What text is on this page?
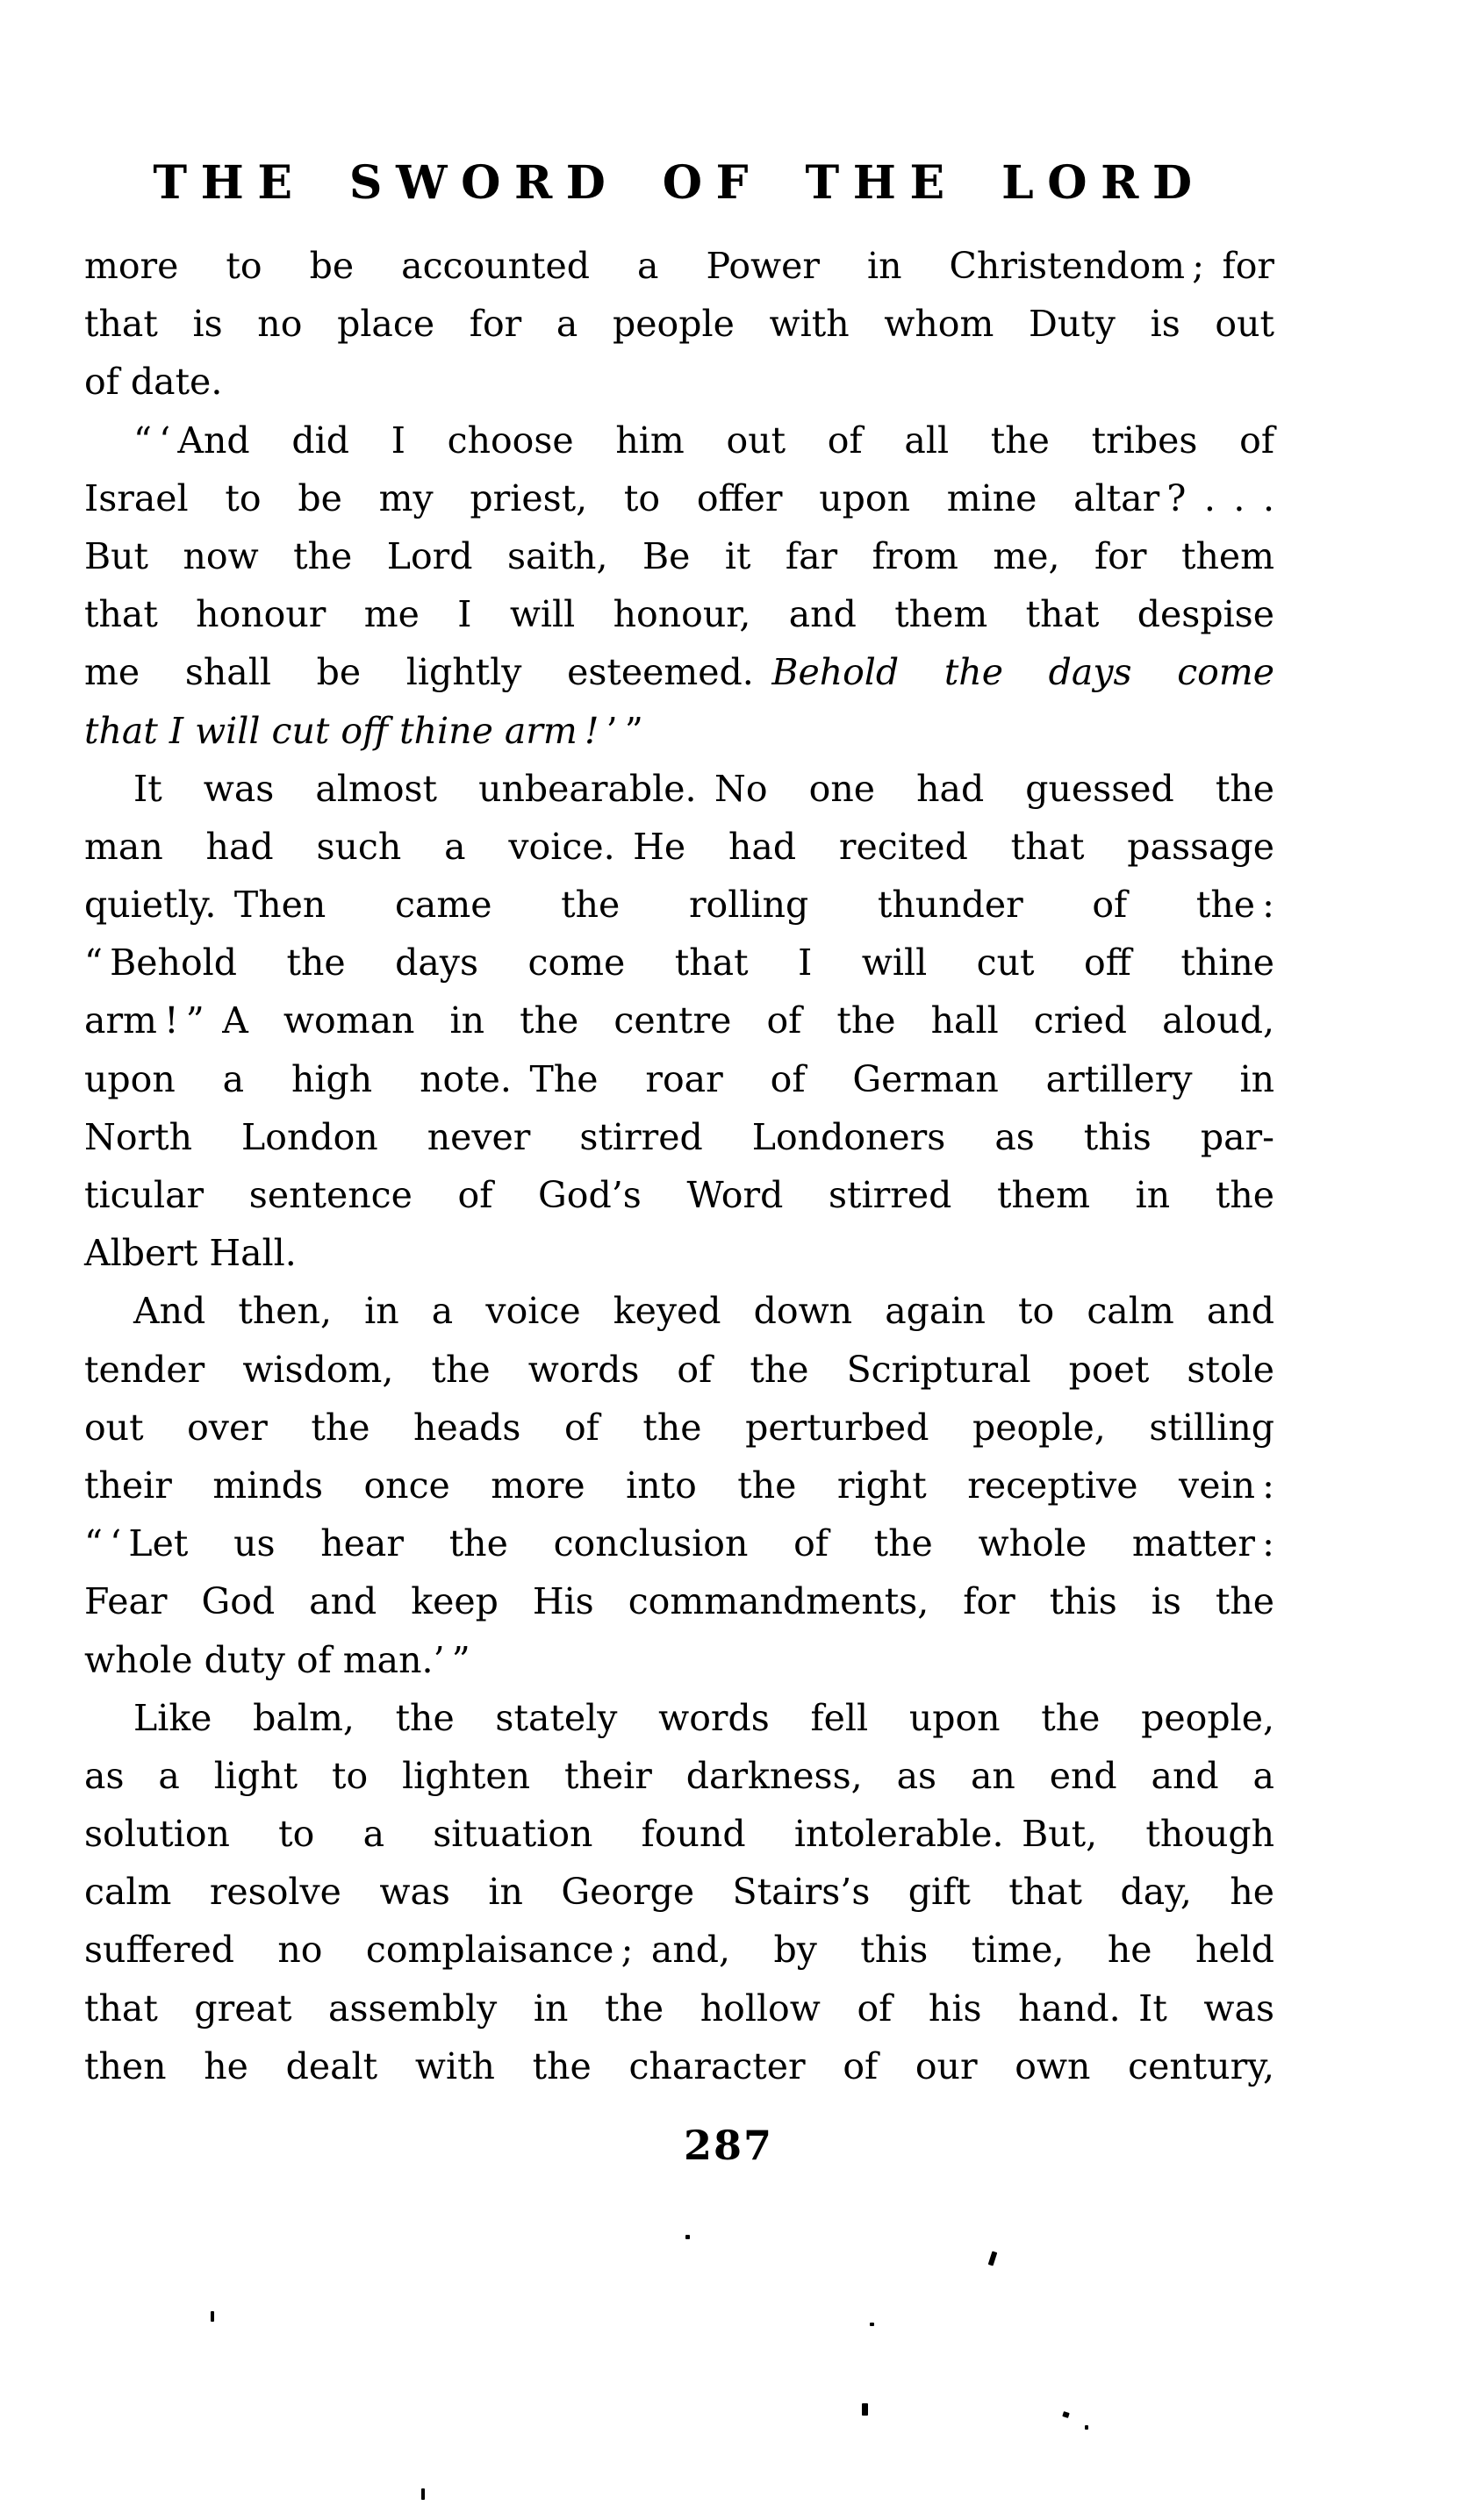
THE SWORD OF THE LORD
more to be accounted a Power in Christendom ; for
that is no place for a people with whom Duty is out
of date.
“ ‘ And did I choose him out of all the tribes of
Israel to be my priest, to offer upon mine altar ? . . .
But now the Lord saith, Be it far from me, for them
that honour me I will honour, and them that despise
me shall be lightly esteemed. Behold the days come
that I will cut off thine arm ! ’ ”
It was almost unbearable. No one had guessed the
man had such a voice. He had recited that passage
quietly. Then came the rolling thunder of the :
“ Behold the days come that I will cut off thine
arm ! ” A woman in the centre of the hall cried aloud,
upon a high note. The roar of German artillery in
North London never stirred Londoners as this par-
ticular sentence of God’s Word stirred them in the
Albert Hall.
And then, in a voice keyed down again to calm and
tender wisdom, the words of the Scriptural poet stole
out over the heads of the perturbed people, stilling
their minds once more into the right receptive vein :
“ ‘ Let us hear the conclusion of the whole matter :
Fear God and keep His commandments, for this is the
whole duty of man.’ ”
Like balm, the stately words fell upon the people,
as a light to lighten their darkness, as an end and a
solution to a situation found intolerable. But, though
calm resolve was in George Stairs’s gift that day, he
suffered no complaisance ; and, by this time, he held
that great assembly in the hollow of his hand. It was
then he dealt with the character of our own century,
287
